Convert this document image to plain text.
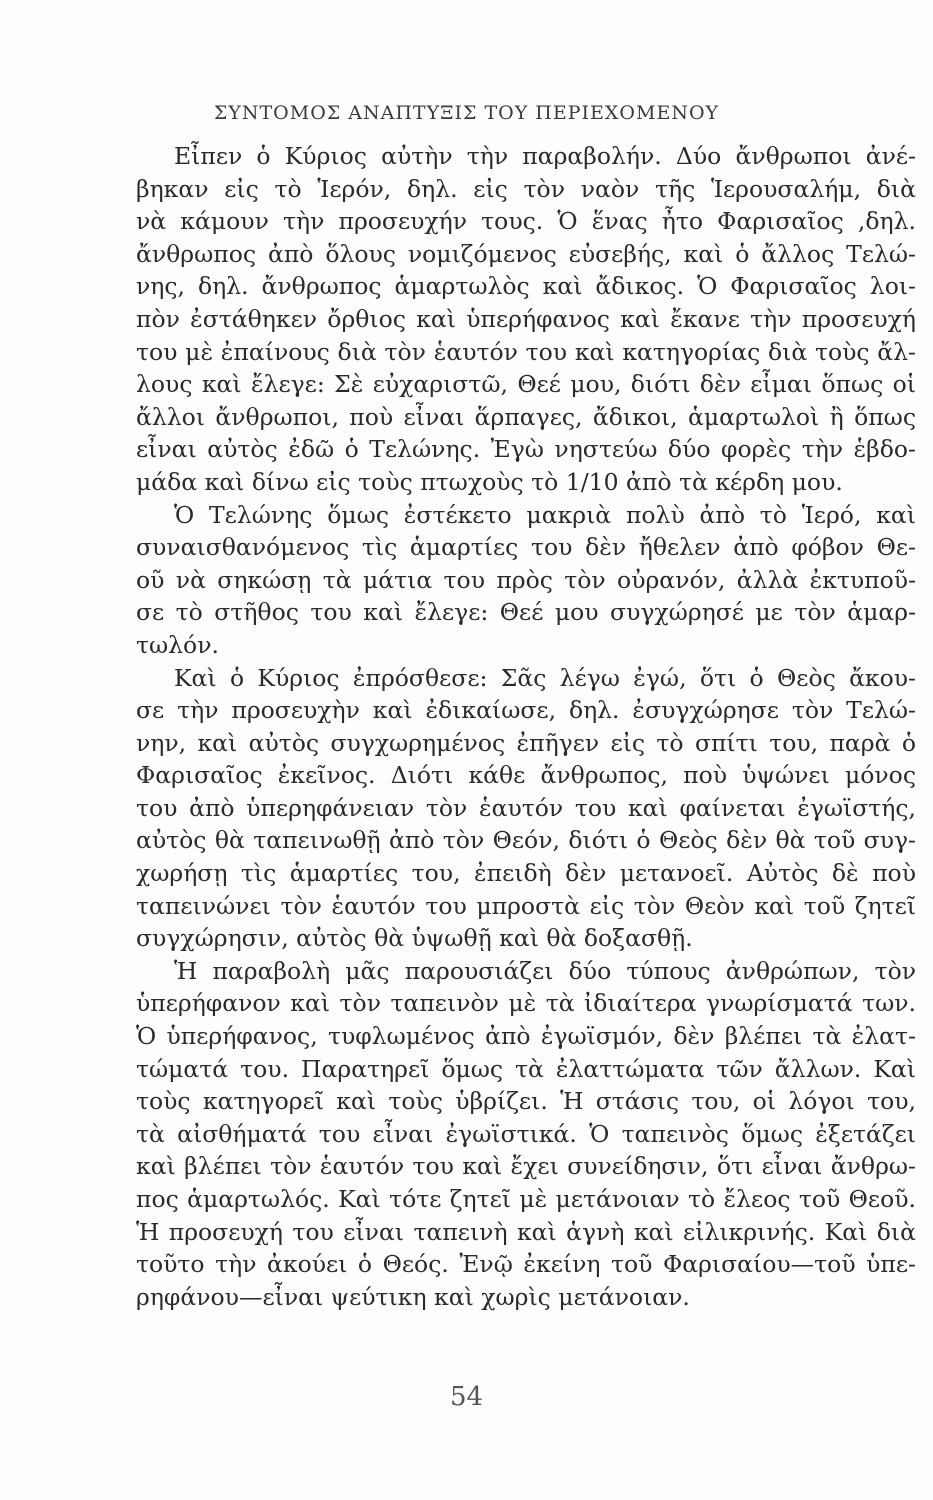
ΣΥΝΤΟΜΟΣ ΑΝΑΠΤΥΞΙΣ ΤΟΥ ΠΕΡΙΕΧΟΜΕΝΟΥ
Εἶπεν ὁ Κύριος αὐτὴν τὴν παραβολήν. Δύο ἄνθρωποι ἀνέ-
βηκαν εἰς τὸ Ἱερόν, δηλ. εἰς τὸν ναὸν τῆς Ἱερουσαλήμ, διὰ
νὰ κάμουν τὴν προσευχήν τους. Ὁ ἕνας ἦτο Φαρισαῖος ,δηλ.
ἄνθρωπος ἀπὸ ὅλους νομιζόμενος εὐσεβής, καὶ ὁ ἄλλος Τελώ-
νης, δηλ. ἄνθρωπος ἁμαρτωλὸς καὶ ἄδικος. Ὁ Φαρισαῖος λοι-
πὸν ἐστάθηκεν ὄρθιος καὶ ὑπερήφανος καὶ ἔκανε τὴν προσευχή
του μὲ ἐπαίνους διὰ τὸν ἑαυτόν του καὶ κατηγορίας διὰ τοὺς ἄλ-
λους καὶ ἔλεγε: Σὲ εὐχαριστῶ, Θεέ μου, διότι δὲν εἶμαι ὅπως οἱ
ἄλλοι ἄνθρωποι, ποὺ εἶναι ἅρπαγες, ἄδικοι, ἁμαρτωλοὶ ἢ ὅπως
εἶναι αὐτὸς ἐδῶ ὁ Τελώνης. Ἐγὼ νηστεύω δύο φορὲς τὴν ἑβδο-
μάδα καὶ δίνω εἰς τοὺς πτωχοὺς τὸ 1/10 ἀπὸ τὰ κέρδη μου.
Ὁ Τελώνης ὅμως ἐστέκετο μακριὰ πολὺ ἀπὸ τὸ Ἱερό, καὶ
συναισθανόμενος τὶς ἁμαρτίες του δὲν ἤθελεν ἀπὸ φόβον Θε-
οῦ νὰ σηκώσῃ τὰ μάτια του πρὸς τὸν οὐρανόν, ἀλλὰ ἐκτυποῦ-
σε τὸ στῆθος του καὶ ἔλεγε: Θεέ μου συγχώρησέ με τὸν ἁμαρ-
τωλόν.
Καὶ ὁ Κύριος ἐπρόσθεσε: Σᾶς λέγω ἐγώ, ὅτι ὁ Θεὸς ἄκου-
σε τὴν προσευχὴν καὶ ἐδικαίωσε, δηλ. ἐσυγχώρησε τὸν Τελώ-
νην, καὶ αὐτὸς συγχωρημένος ἐπῆγεν εἰς τὸ σπίτι του, παρὰ ὁ
Φαρισαῖος ἐκεῖνος. Διότι κάθε ἄνθρωπος, ποὺ ὑψώνει μόνος
του ἀπὸ ὑπερηφάνειαν τὸν ἑαυτόν του καὶ φαίνεται ἐγωϊστής,
αὐτὸς θὰ ταπεινωθῇ ἀπὸ τὸν Θεόν, διότι ὁ Θεὸς δὲν θὰ τοῦ συγ-
χωρήσῃ τὶς ἁμαρτίες του, ἐπειδὴ δὲν μετανοεῖ. Αὐτὸς δὲ ποὺ
ταπεινώνει τὸν ἑαυτόν του μπροστὰ εἰς τὸν Θεὸν καὶ τοῦ ζητεῖ
συγχώρησιν, αὐτὸς θὰ ὑψωθῇ καὶ θὰ δοξασθῇ.
Ἡ παραβολὴ μᾶς παρουσιάζει δύο τύπους ἀνθρώπων, τὸν
ὑπερήφανον καὶ τὸν ταπεινὸν μὲ τὰ ἰδιαίτερα γνωρίσματά των.
Ὁ ὑπερήφανος, τυφλωμένος ἀπὸ ἐγωϊσμόν, δὲν βλέπει τὰ ἐλατ-
τώματά του. Παρατηρεῖ ὅμως τὰ ἐλαττώματα τῶν ἄλλων. Καὶ
τοὺς κατηγορεῖ καὶ τοὺς ὑβρίζει. Ἡ στάσις του, οἱ λόγοι του,
τὰ αἰσθήματά του εἶναι ἐγωϊστικά. Ὁ ταπεινὸς ὅμως ἐξετάζει
καὶ βλέπει τὸν ἑαυτόν του καὶ ἔχει συνείδησιν, ὅτι εἶναι ἄνθρω-
πος ἁμαρτωλός. Καὶ τότε ζητεῖ μὲ μετάνοιαν τὸ ἔλεος τοῦ Θεοῦ.
Ἡ προσευχή του εἶναι ταπεινὴ καὶ ἁγνὴ καὶ εἰλικρινής. Καὶ διὰ
τοῦτο τὴν ἀκούει ὁ Θεός. Ἐνῷ ἐκείνη τοῦ Φαρισαίου—τοῦ ὑπε-
ρηφάνου—εἶναι ψεύτικη καὶ χωρὶς μετάνοιαν.
54
